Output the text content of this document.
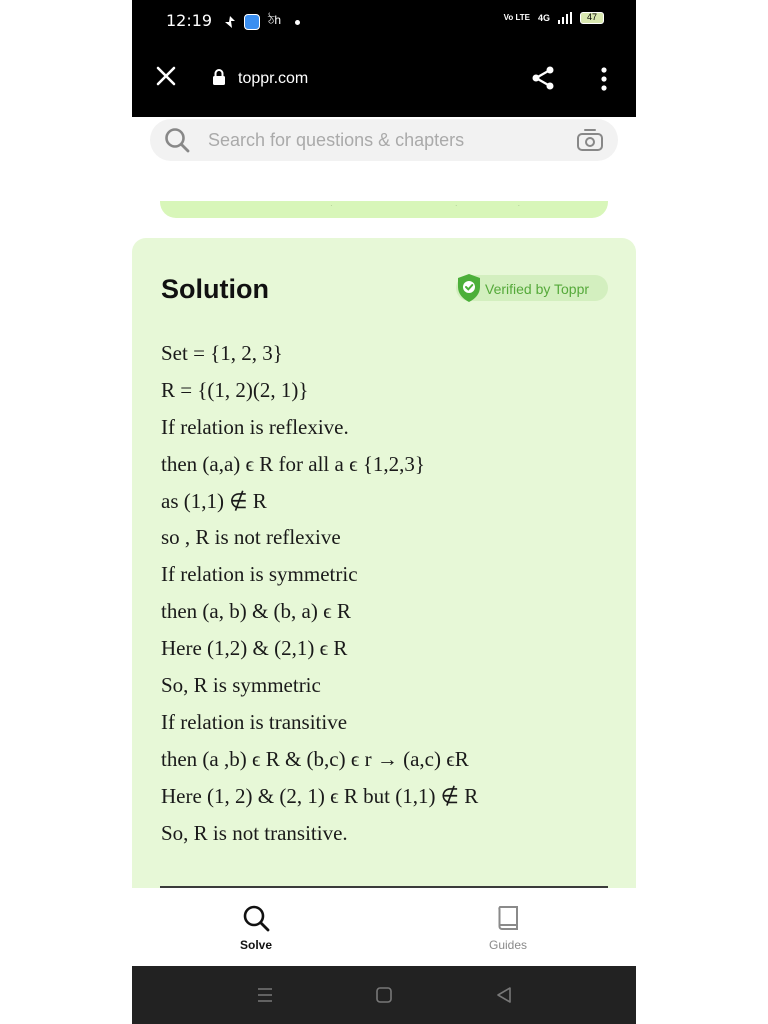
12:19	ঠh	Vo LTE 4G	47
toppr.com
Search for questions & chapters
· ··
Solution	Verified by Toppr
Set = {1, 2, 3}
R = {(1, 2)(2, 1)}
If relation is reflexive.
then (a,a) ϵ R for all a ϵ {1,2,3}
as (1,1) ∉ R
so , R is not reflexive
If relation is symmetric
then (a, b) & (b, a) ϵ R
Here (1,2) & (2,1) ϵ R
So, R is symmetric
If relation is transitive
then (a ,b) ϵ R & (b,c) ϵ r → (a,c) ϵR
Here (1, 2) & (2, 1) ϵ R but (1,1) ∉ R
So, R is not transitive.
Solve	Guides
